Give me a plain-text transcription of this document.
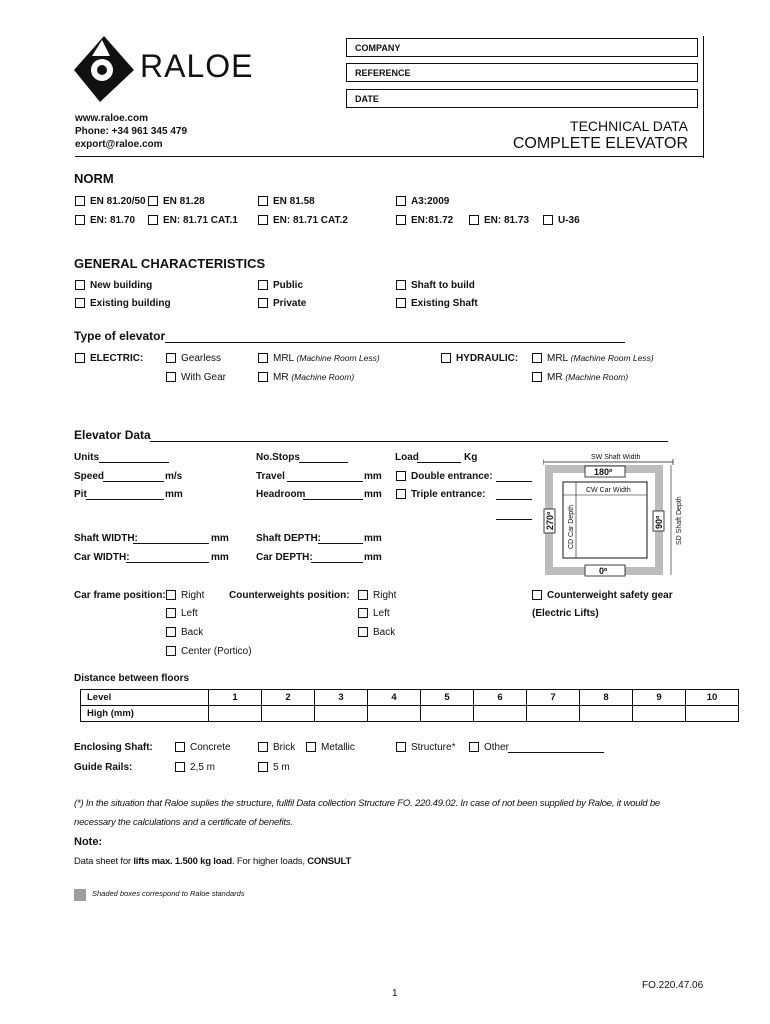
RALOE
www.raloe.com
Phone: +34 961 345 479
export@raloe.com
COMPANY
REFERENCE
DATE
TECHNICAL DATA
COMPLETE ELEVATOR
NORM
EN 81.20/50 EN 81.28	EN 81.58	A3:2009
EN: 81.70	EN: 81.71 CAT.1	EN: 81.71 CAT.2	EN:81.72	EN: 81.73	U-36
GENERAL CHARACTERISTICS
New building	Public	Shaft to build
Existing building	Private	Existing Shaft
Type of elevator
ELECTRIC:	Gearless
With Gear
MRL (Machine Room Less)
MR (Machine Room)
HYDRAULIC:	MRL (Machine Room Less)
MR (Machine Room)
Elevator Data
Units	No.Stops	Load	Kg
Speed	m/s	Travel	mm	Double entrance:
Pit	mm	Headroom	mm	Triple entrance:
Shaft WIDTH:	mm	Shaft DEPTH:	mm
Car WIDTH:	mm	Car DEPTH:	mm
SW Shaft Width
180º
0º
270º	90º
CW Car Width
CD Car Depth	SD Shaft Depth
Car frame position: Right
Left
Back
Center (Portico)
Counterweights position: Right
Left
Back
Counterweight safety gear
(Electric Lifts)
Distance between floors
Level	1	2	3	4	5	6	7	8	9	10
High (mm)										
Enclosing Shaft:	Concrete	Brick	Metallic	Structure*	Other
Guide Rails:	2,5 m	5 m
(*) In the situation that Raloe suplies the structure, fullfil Data collection Structure FO. 220.49.02. In case of not been supplied by Raloe, it would be
necessary the calculations and a certificate of benefits.
Note:
Data sheet for lifts max. 1.500 kg load. For higher loads, CONSULT
Shaded boxes correspond to Raloe standards
FO.220.47.06
1
